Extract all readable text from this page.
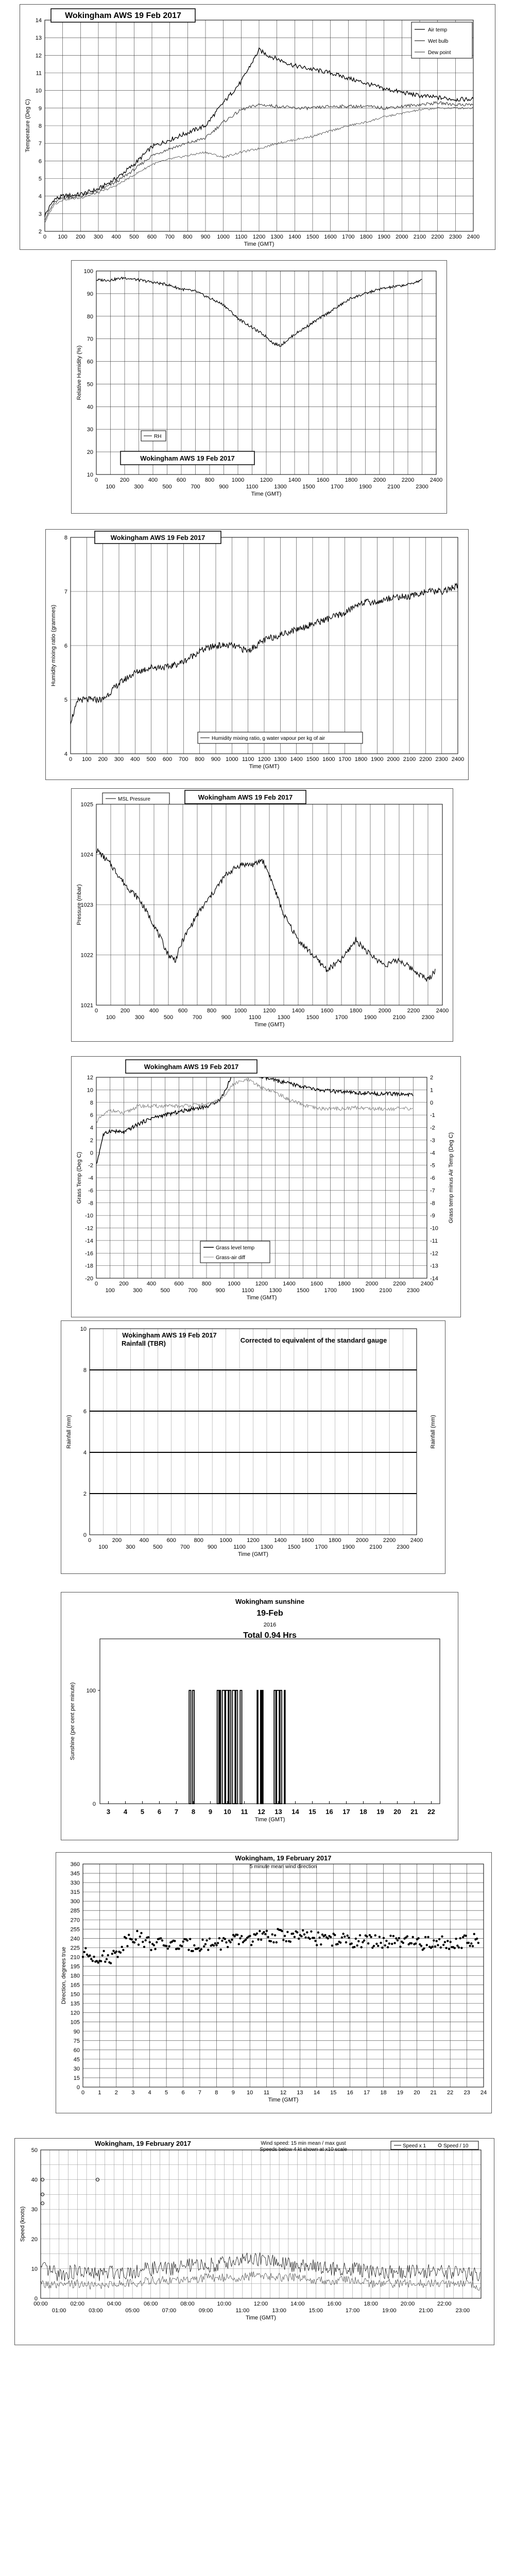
2
3
4
5
6
7
8
9
10
11
12
13
14
0 100 200 300 400 500 600 700 800 900 1000 1100 1200 1300 1400 1500 1600 1700 1800 1900 2000 2100 2200 2300 2400
Time (GMT)
Temperature (Deg C)
Wokingham AWS 19 Feb 2017
Air temp
Wet bulb
Dew point
10
20
30
40
50
60
70
80
90
100
0	200	400	600	800	1000	1200	1400	1600	1800	2000	2200	2400
100	300	500	700	900	1100	1300	1500	1700	1900	2100	2300
Time (GMT)
Relative Humidity (%)
RH
Wokingham AWS 19 Feb 2017
4
5
6
7
8
0 100 200 300 400 500 600 700 800 900 1000 1100 1200 1300 1400 1500 1600 1700 1800 1900 2000 2100 2200 2300 2400
Time (GMT)
Humidity mixing ratio (grammes)
Wokingham AWS 19 Feb 2017
Humidity mixing ratio, g water vapour per kg of air
1021
1022
1023
1024
1025
0	200	400	600	800	1000	1200	1400	1600	1800	2000	2200	2400
100	300	500	700	900	1100	1300	1500	1700	1900	2100	2300
Time (GMT)
Pressure (mbar)
MSL Pressure	Wokingham AWS 19 Feb 2017
-20
-18
-16
-14
-12
-10
-8
-6
-4
-2
0
2
4
6
8
10
12
-14
-13
-12
-11
-10
-9
-8
-7
-6
-5
-4
-3
-2
-1
0
1
2
0	200	400	600	800	1000	1200	1400	1600	1800	2000	2200	2400
100	300	500	700	900	1100	1300	1500	1700	1900	2100	2300
Time (GMT)
Grass Temp (Deg C)	Grass temp minus Air Temp (Deg C)
Wokingham AWS 19 Feb 2017
Grass level temp
Grass-air diff
0
2
4
6
8
10
0	200	400	600	800	1000	1200	1400	1600	1800	2000	2200	2400
100	300	500	700	900	1100	1300	1500	1700	1900	2100	2300
Time (GMT)
Rainfall (mm)	Rainfall (mm)
Wokingham AWS 19 Feb 2017
Rainfall (TBR)	Corrected to equivalent of the standard gauge
3 4 5 6 7 8 9 10 11 12 13 14 15 16 17 18 19 20 21 22
Time (GMT)
0
100
Sunshine (per cent per minute)
Wokingham sunshine
19-Feb
2016
Total 0.94 Hrs
0
15
30
45
60
75
90
105
120
135
150
165
180
195
210
225
240
255
270
285
300
315
330
345
360
0 1 2 3 4 5 6 7 8 9 10 11 12 13 14 15 16 17 18 19 20 21 22 23 24
Time (GMT)
Direction, degrees true
Wokingham, 19 February 2017
5 minute mean wind direction
0
10
20
30
40
50
00:00	02:00	04:00	06:00	08:00	10:00	12:00	14:00	16:00	18:00	20:00	22:00
01:00	03:00	05:00	07:00	09:00	11:00	13:00	15:00	17:00	19:00	21:00	23:00
Time (GMT)
Speed (knots)
Wokingham, 19 February 2017	Wind speed: 15 min mean / max gust
Speeds below 4 kt shown at x10 scale
Speed x 1	Speed / 10
